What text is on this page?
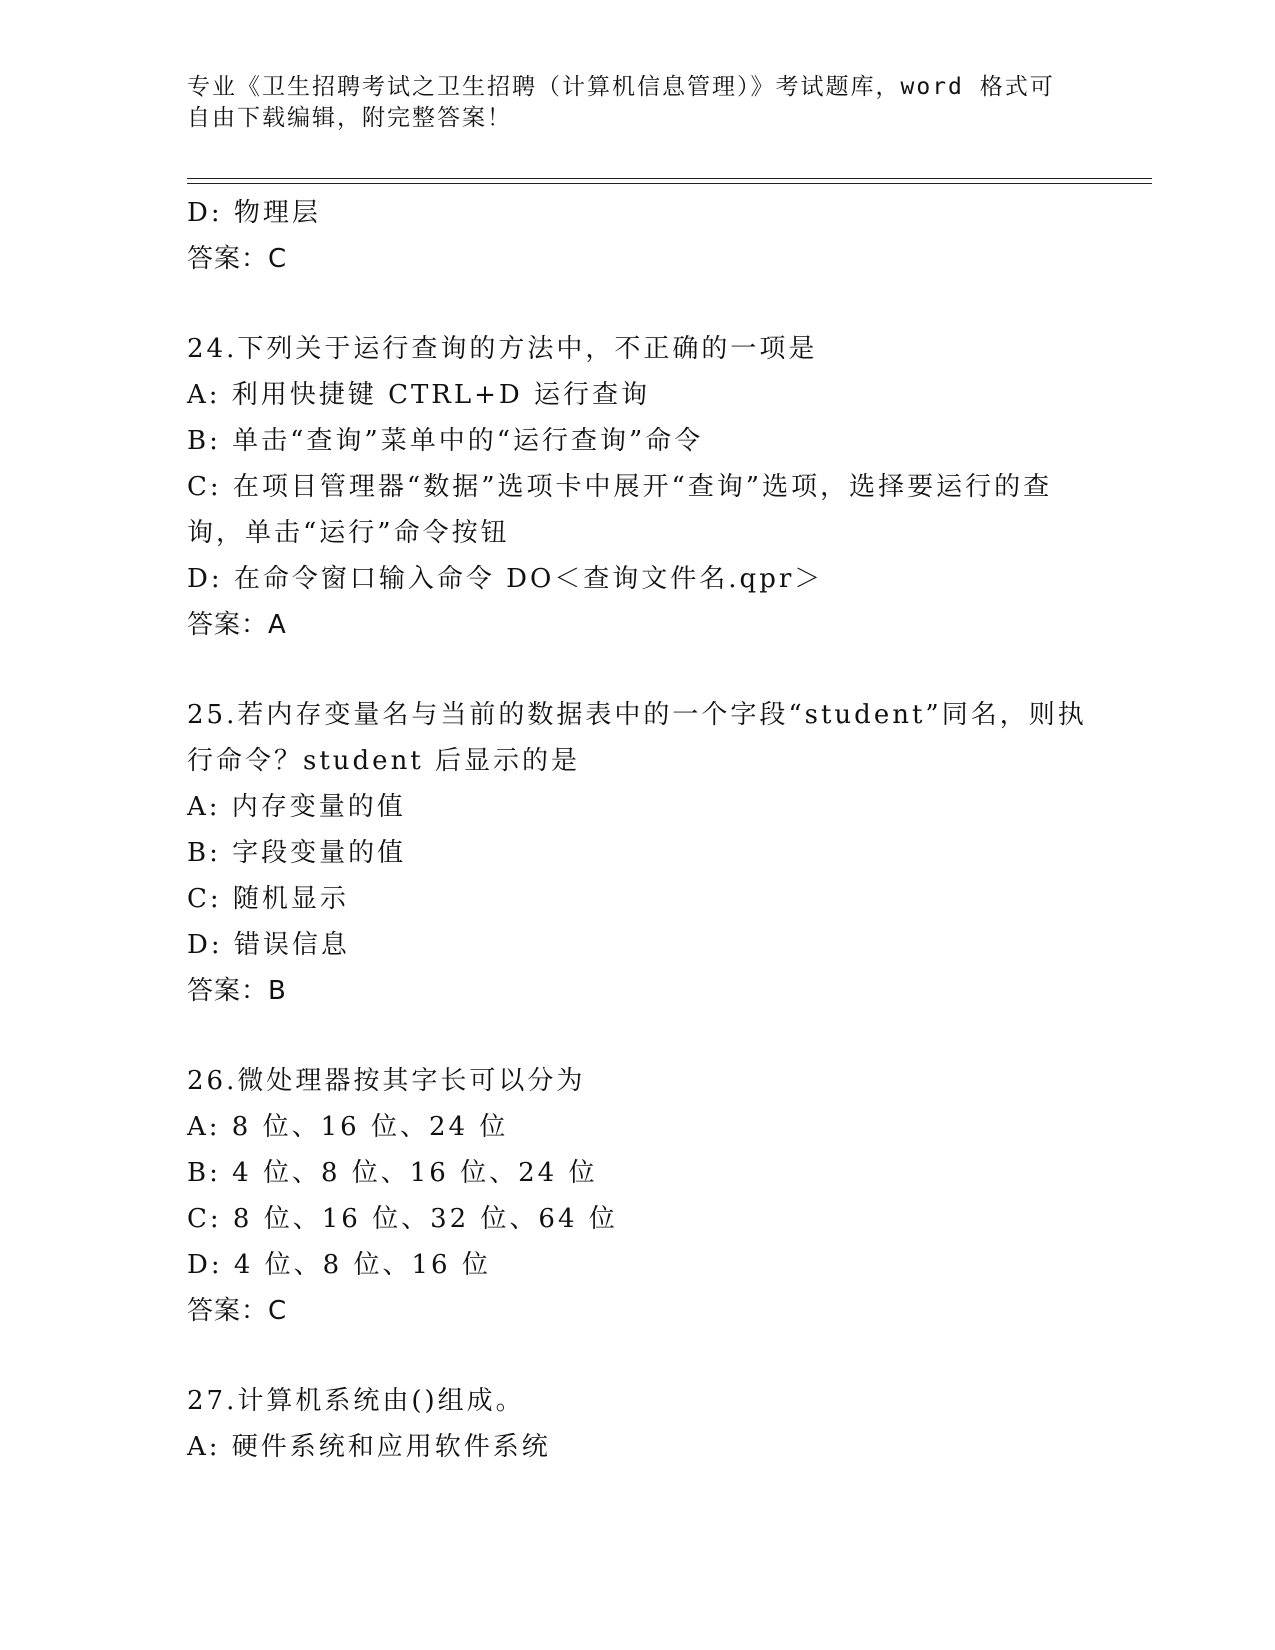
专业《卫生招聘考试之卫生招聘（计算机信息管理）》考试题库，word 格式可自由下载编辑，附完整答案！
D: 物理层
答案：C
24.下列关于运行查询的方法中，不正确的一项是
A: 利用快捷键 CTRL+D 运行查询
B: 单击“查询”菜单中的“运行查询”命令
C: 在项目管理器“数据”选项卡中展开“查询”选项，选择要运行的查询，单击“运行”命令按钮
D: 在命令窗口输入命令 DO＜查询文件名.qpr＞
答案：A
25.若内存变量名与当前的数据表中的一个字段“student”同名，则执行命令？student 后显示的是
A: 内存变量的值
B: 字段变量的值
C: 随机显示
D: 错误信息
答案：B
26.微处理器按其字长可以分为
A: 8 位、16 位、24 位
B: 4 位、8 位、16 位、24 位
C: 8 位、16 位、32 位、64 位
D: 4 位、8 位、16 位
答案：C
27.计算机系统由()组成。
A: 硬件系统和应用软件系统
